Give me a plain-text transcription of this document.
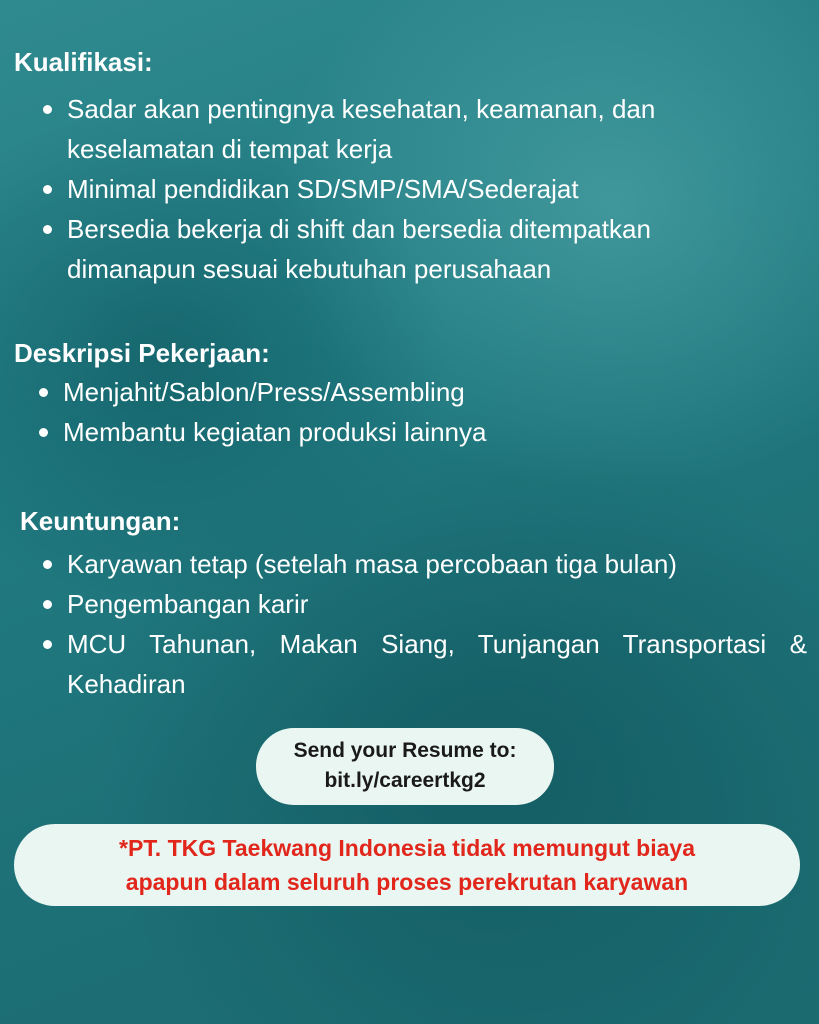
Kualifikasi:
Sadar akan pentingnya kesehatan, keamanan, dan keselamatan di tempat kerja
Minimal pendidikan SD/SMP/SMA/Sederajat
Bersedia bekerja di shift dan bersedia ditempatkan dimanapun sesuai kebutuhan perusahaan
Deskripsi Pekerjaan:
Menjahit/Sablon/Press/Assembling
Membantu kegiatan produksi lainnya
Keuntungan:
Karyawan tetap (setelah masa percobaan tiga bulan)
Pengembangan karir
MCU Tahunan, Makan Siang, Tunjangan Transportasi & Kehadiran
Send your Resume to:
bit.ly/careertkg2
*PT. TKG Taekwang Indonesia tidak memungut biaya
apapun dalam seluruh proses perekrutan karyawan
